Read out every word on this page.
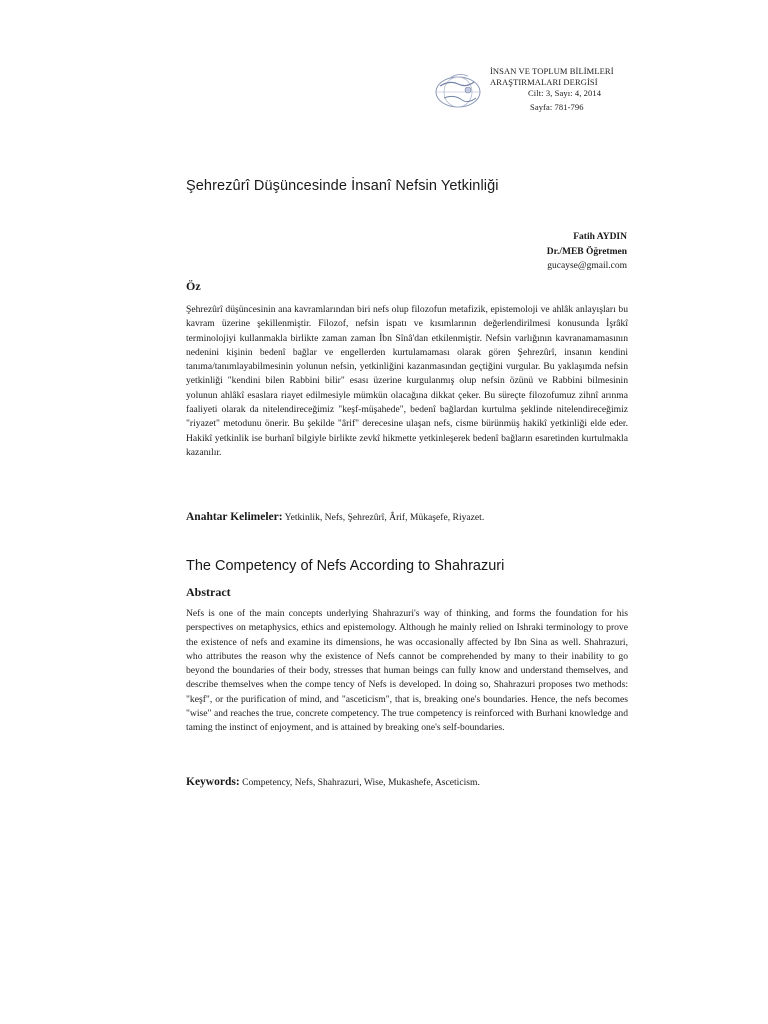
İNSAN VE TOPLUM BİLİMLERİ
ARAŞTIRMALARI DERGİSİ
Cilt: 3, Sayı: 4, 2014
Sayfa: 781-796
Şehrezûrî Düşüncesinde İnsanî Nefsin Yetkinliği
Fatih AYDIN
Dr./MEB Öğretmen
gucayse@gmail.com
Öz
Şehrezûrî düşüncesinin ana kavramlarından biri nefs olup filozofun metafizik, epistemoloji ve ahlâk anlayışları bu kavram üzerine şekillenmiştir. Filozof, nefsin ispatı ve kısımlarının değerlendirilmesi konusunda İşrâkî terminolojiyi kullanmakla birlikte zaman zaman İbn Sînâ'dan etkilenmiştir. Nefsin varlığının kavranamamasının nedenini kişinin bedenî bağlar ve engellerden kurtulamaması olarak gören Şehrezûrî, insanın kendini tanıma/tanımlayabilmesinin yolunun nefsin, yetkinliğini kazanmasından geçtiğini vurgular. Bu yaklaşımda nefsin yetkinliği "kendini bilen Rabbini bilir" esası üzerine kurgulanmış olup nefsin özünü ve Rabbini bilmesinin yolunun ahlâkî esaslara riayet edilmesiyle mümkün olacağına dikkat çeker. Bu süreçte filozofumuz zihnî arınma faaliyeti olarak da nitelendireceğimiz "keşf-müşahede", bedenî bağlardan kurtulma şeklinde nitelendireceğimiz "riyazet" metodunu önerir. Bu şekilde "ârif" derecesine ulaşan nefs, cisme bürünmüş hakikî yetkinliği elde eder. Hakikî yetkinlik ise burhanî bilgiyle birlikte zevkî hikmette yetkinleşerek bedenî bağların esaretinden kurtulmakla kazanılır.
Anahtar Kelimeler: Yetkinlik, Nefs, Şehrezûrî, Ârif, Mükaşefe, Riyazet.
The Competency of Nefs According to Shahrazuri
Abstract
Nefs is one of the main concepts underlying Shahrazuri's way of thinking, and forms the foundation for his perspectives on metaphysics, ethics and epistemology. Although he mainly relied on Ishraki terminology to prove the existence of nefs and examine its dimensions, he was occasionally affected by Ibn Sina as well. Shahrazuri, who attributes the reason why the existence of Nefs cannot be comprehended by many to their inability to go beyond the boundaries of their body, stresses that human beings can fully know and understand themselves, and describe themselves when the compe tency of Nefs is developed. In doing so, Shahrazuri proposes two methods: "keşf", or the purification of mind, and "asceticism", that is, breaking one's boundaries. Hence, the nefs becomes "wise" and reaches the true, concrete competency. The true competency is reinforced with Burhani knowledge and taming the instinct of enjoyment, and is attained by breaking one's self-boundaries.
Keywords: Competency, Nefs, Shahrazuri, Wise, Mukashefe, Asceticism.
